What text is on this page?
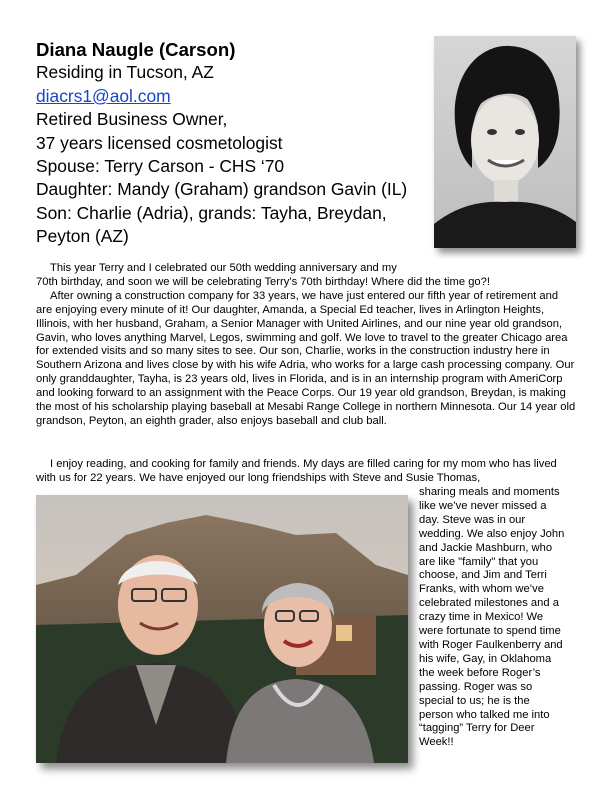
Diana Naugle (Carson)
Residing in Tucson, AZ
diacrs1@aol.com
Retired Business Owner,
37 years licensed cosmetologist
Spouse: Terry Carson - CHS ‘70
Daughter: Mandy (Graham) grandson Gavin (IL)
Son: Charlie (Adria), grands: Tayha, Breydan,
Peyton (AZ)

This year Terry and I celebrated our 50th wedding anniversary and my

70th birthday, and soon we will be celebrating Terry’s 70th birthday! Where did the time go?!

After owning a construction company for 33 years, we have just entered our fifth year of retirement and are enjoying every minute of it! Our daughter, Amanda, a Special Ed teacher, lives in Arlington Heights, Illinois, with her husband, Graham, a Senior Manager with United Airlines, and our nine year old grandson, Gavin, who loves anything Marvel, Legos, swimming and golf. We love to travel to the greater Chicago area for extended visits and so many sites to see. Our son, Charlie, works in the construction industry here in Southern Arizona and lives close by with his wife Adria, who works for a large cash processing company. Our only granddaughter, Tayha, is 23 years old, lives in Florida, and is in an internship program with AmeriCorp and looking forward to an assignment with the Peace Corps. Our 19 year old grandson, Breydan, is making the most of his scholarship playing baseball at Mesabi Range College in northern Minnesota. Our 14 year old grandson, Peyton, an eighth grader, also enjoys baseball and club ball.

I enjoy reading, and cooking for family and friends. My days are filled caring for my mom who has lived with us for 22 years. We have enjoyed our long friendships with Steve and Susie Thomas,

sharing meals and moments
like we’ve never missed a
day. Steve was in our
wedding. We also enjoy John
and Jackie Mashburn, who
are like "family" that you
choose, and Jim and Terri
Franks, with whom we’ve
celebrated milestones and a
crazy time in Mexico! We
were fortunate to spend time
with Roger Faulkenberry and
his wife, Gay, in Oklahoma
the week before Roger’s
passing. Roger was so
special to us; he is the
person who talked me into
“tagging” Terry for Deer
Week!!
